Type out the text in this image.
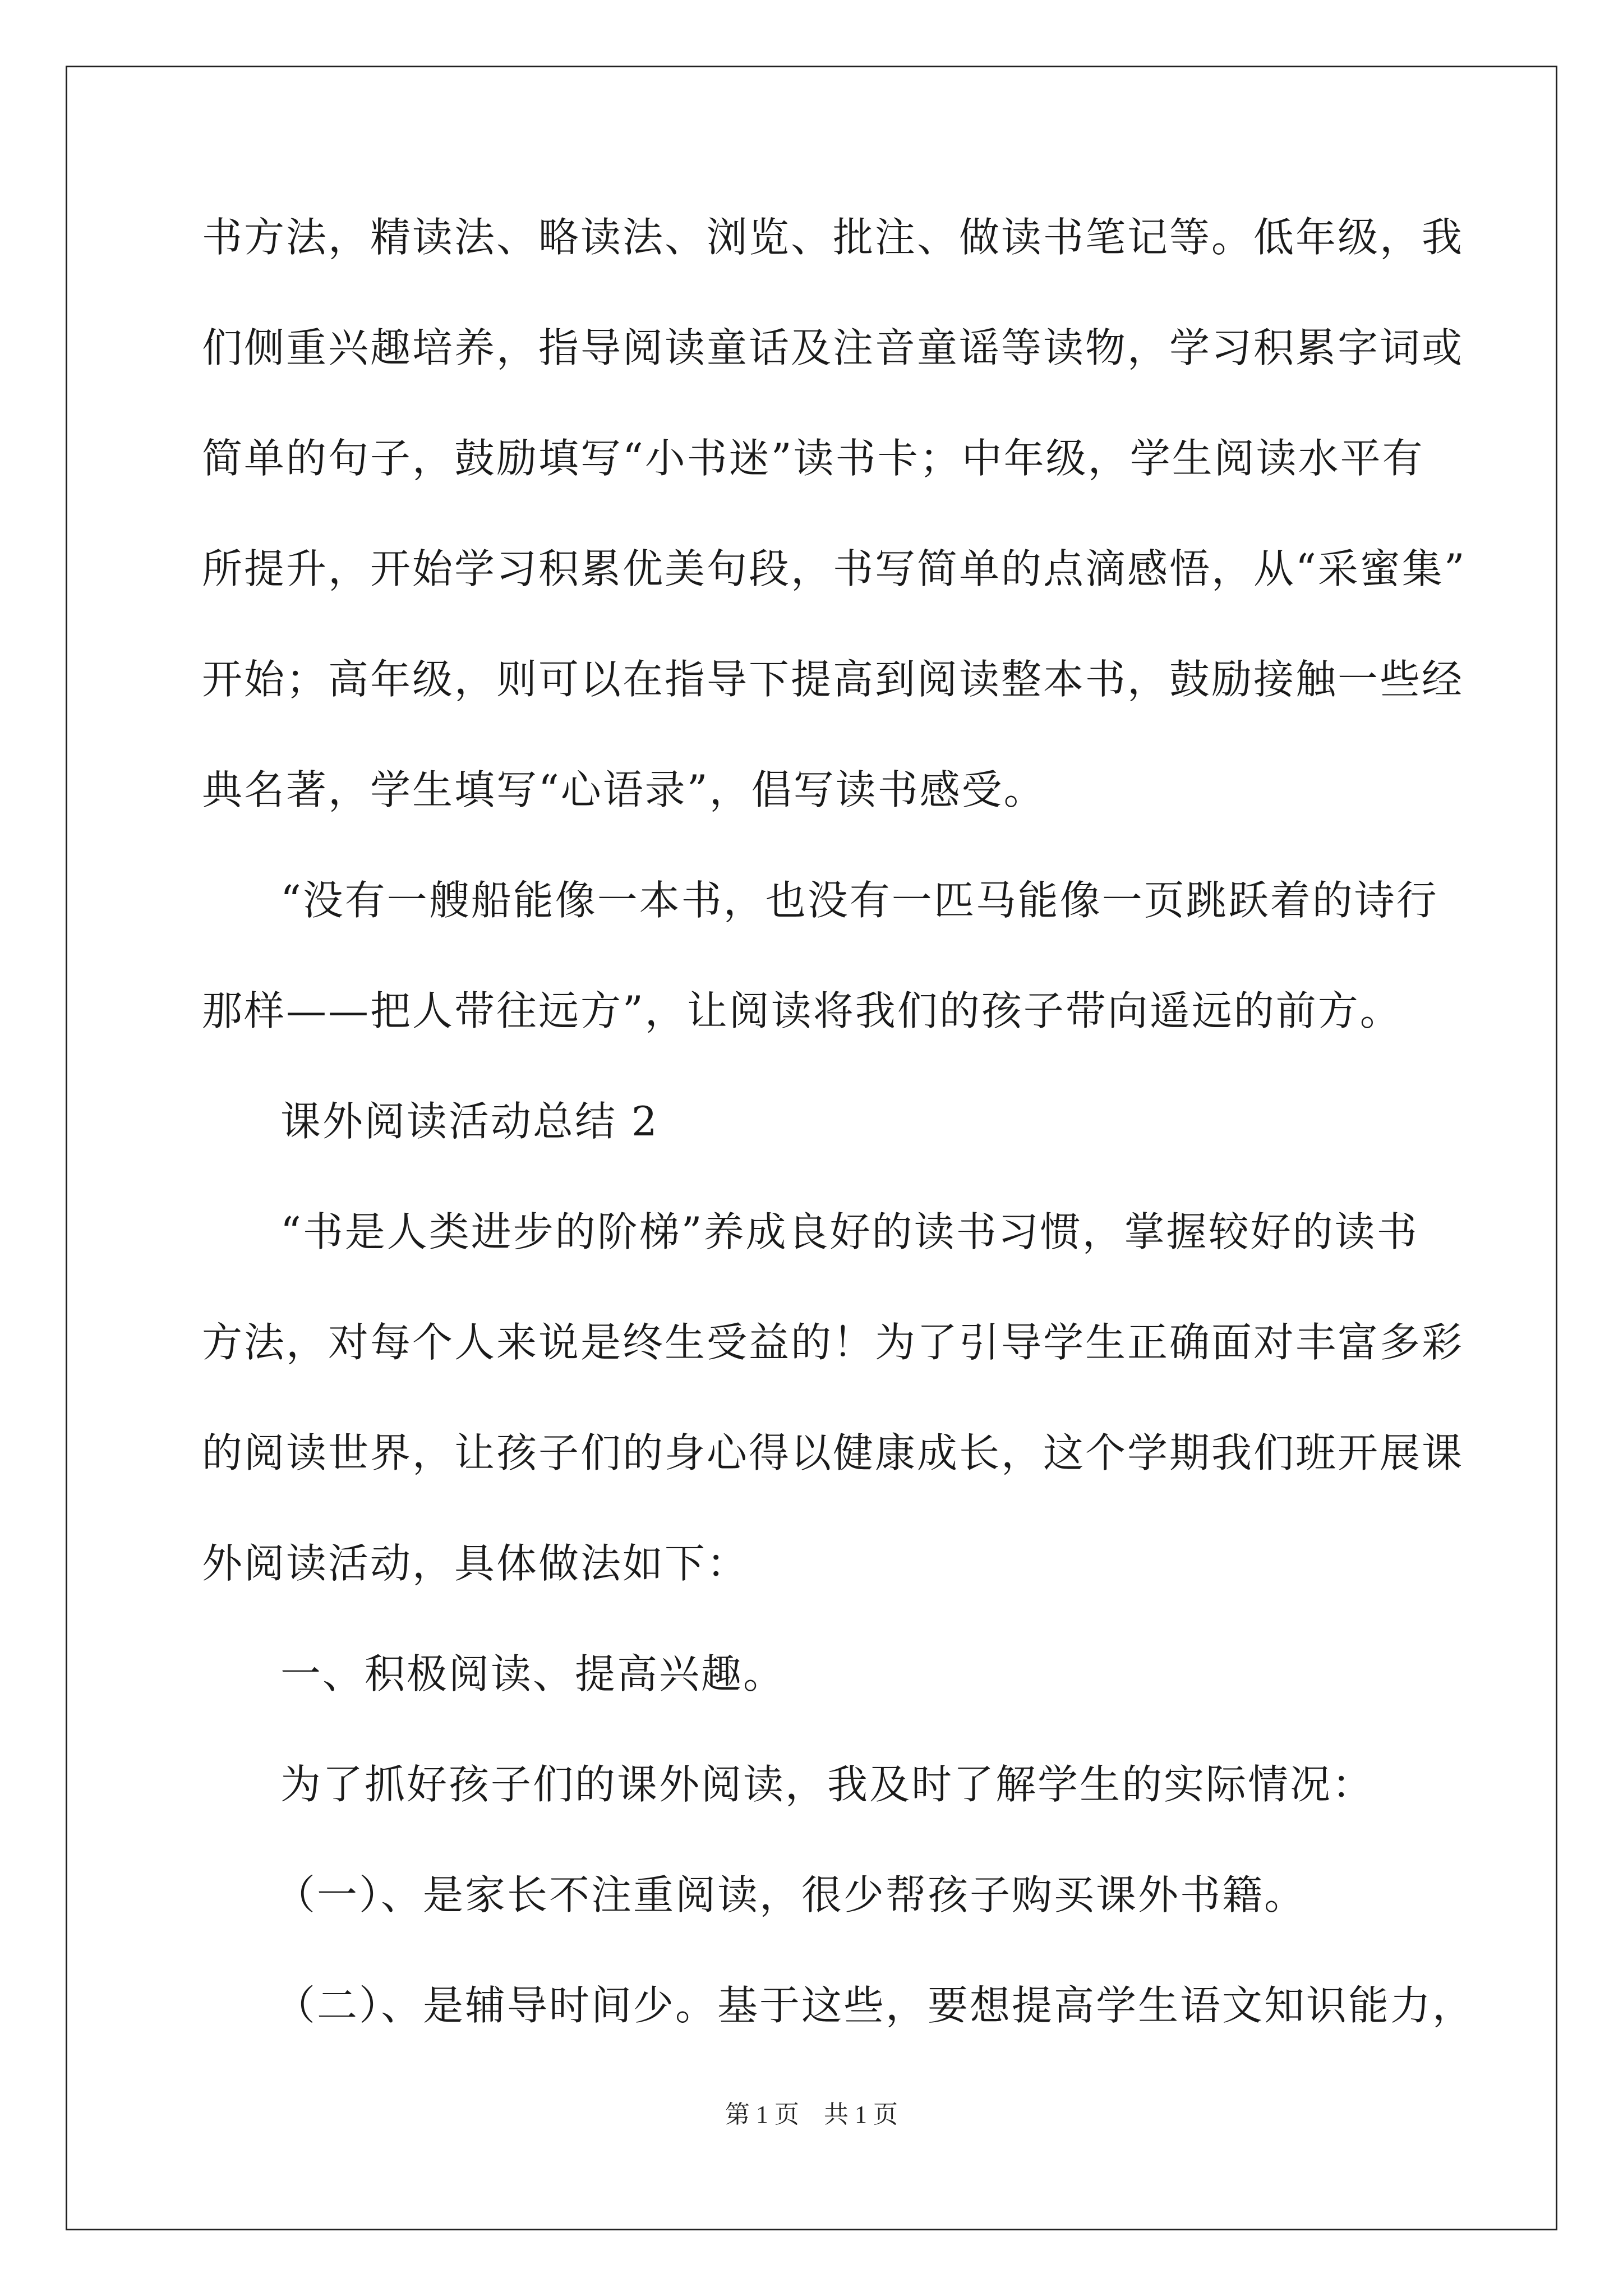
书方法，精读法、略读法、浏览、批注、做读书笔记等。低年级，我
们侧重兴趣培养，指导阅读童话及注音童谣等读物，学习积累字词或
简单的句子，鼓励填写“小书迷”读书卡；中年级，学生阅读水平有
所提升，开始学习积累优美句段，书写简单的点滴感悟，从“采蜜集”
开始；高年级，则可以在指导下提高到阅读整本书，鼓励接触一些经
典名著，学生填写“心语录”，倡写读书感受。
“没有一艘船能像一本书，也没有一匹马能像一页跳跃着的诗行
那样——把人带往远方”，让阅读将我们的孩子带向遥远的前方。
课外阅读活动总结 2
“书是人类进步的阶梯”养成良好的读书习惯，掌握较好的读书
方法，对每个人来说是终生受益的！为了引导学生正确面对丰富多彩
的阅读世界，让孩子们的身心得以健康成长，这个学期我们班开展课
外阅读活动，具体做法如下：
一、积极阅读、提高兴趣。
为了抓好孩子们的课外阅读，我及时了解学生的实际情况：
（一）、是家长不注重阅读，很少帮孩子购买课外书籍。
（二）、是辅导时间少。基于这些，要想提高学生语文知识能力，
第 1 页　共 1 页
